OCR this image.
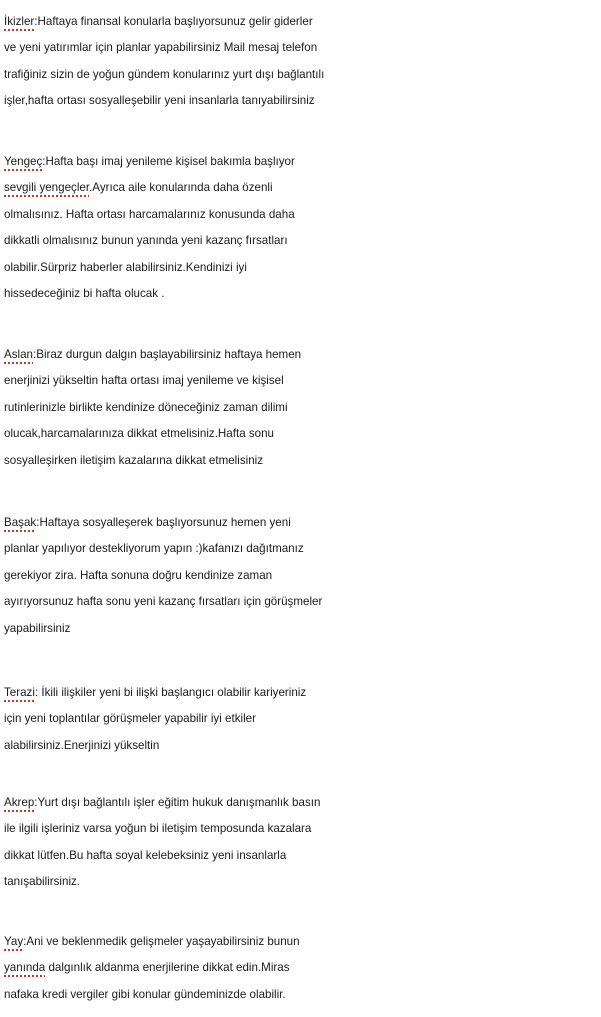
İkizler:Haftaya finansal konularla başlıyorsunuz gelir giderler
ve yeni yatırımlar için planlar yapabilirsiniz Mail mesaj telefon
trafiğiniz sizin de yoğun gündem konularınız yurt dışı bağlantılı
işler,hafta ortası sosyalleşebilir yeni insanlarla tanıyabilirsiniz

Yengeç:Hafta başı imaj yenileme kişisel bakımla başlıyor
sevgili yengeçler.Ayrıca aile konularında daha özenli
olmalısınız. Hafta ortası harcamalarınız konusunda daha
dikkatli olmalısınız bunun yanında yeni kazanç fırsatları
olabilir.Sürpriz haberler alabilirsiniz.Kendinizi iyi
hissedeceğiniz bi hafta olucak .

Aslan:Biraz durgun dalgın başlayabilirsiniz haftaya hemen
enerjinizi yükseltin hafta ortası imaj yenileme ve kişisel
rutinlerinizle birlikte kendinize döneceğiniz zaman dilimi
olucak,harcamalarınıza dikkat etmelisiniz.Hafta sonu
sosyalleşirken iletişim kazalarına dikkat etmelisiniz

Başak:Haftaya sosyalleşerek başlıyorsunuz hemen yeni
planlar yapılıyor destekliyorum yapın :)kafanızı dağıtmanız
gerekiyor zira. Hafta sonuna doğru kendinize zaman
ayırıyorsunuz hafta sonu yeni kazanç fırsatları için görüşmeler
yapabilirsiniz

Terazi: İkili ilişkiler yeni bi ilişki başlangıcı olabilir kariyeriniz
için yeni toplantılar görüşmeler yapabilir iyi etkiler
alabilirsiniz.Enerjinizi yükseltin

Akrep:Yurt dışı bağlantılı işler eğitim hukuk danışmanlık basın
ile ilgili işleriniz varsa yoğun bi iletişim temposunda kazalara
dikkat lütfen.Bu hafta soyal kelebeksiniz yeni insanlarla
tanışabilirsiniz.

Yay:Ani ve beklenmedik gelişmeler yaşayabilirsiniz bunun
yanında dalgınlık aldanma enerjilerine dikkat edin.Miras
nafaka kredi vergiler gibi konular gündeminizde olabilir.
